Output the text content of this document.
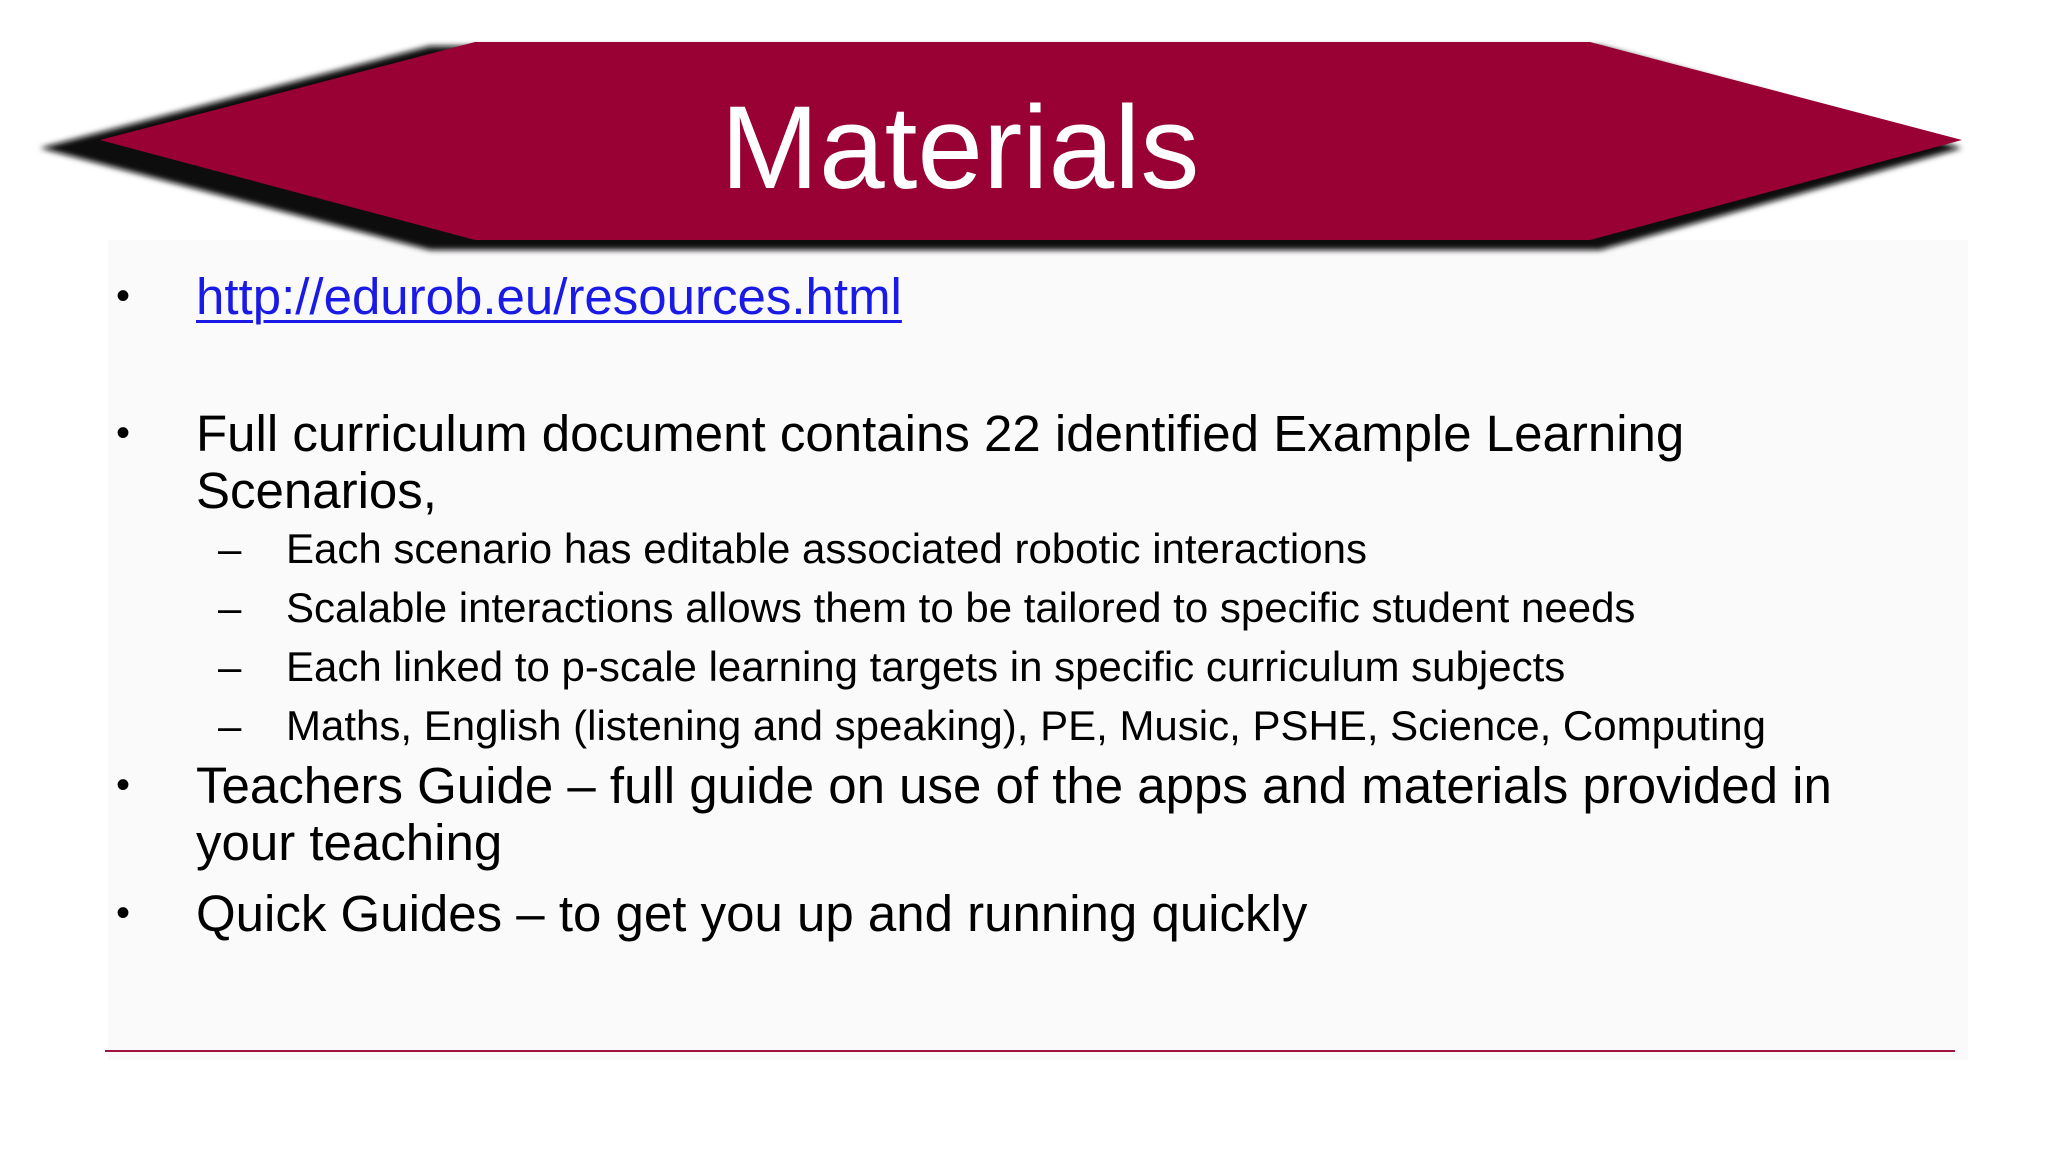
Materials
• http://edurob.eu/resources.html
• Full curriculum document contains 22 identified Example Learning
Scenarios,
– Each scenario has editable associated robotic interactions
– Scalable interactions allows them to be tailored to specific student needs
– Each linked to p-scale learning targets in specific curriculum subjects
– Maths, English (listening and speaking), PE, Music, PSHE, Science, Computing
• Teachers Guide – full guide on use of the apps and materials provided in
your teaching
• Quick Guides – to get you up and running quickly
